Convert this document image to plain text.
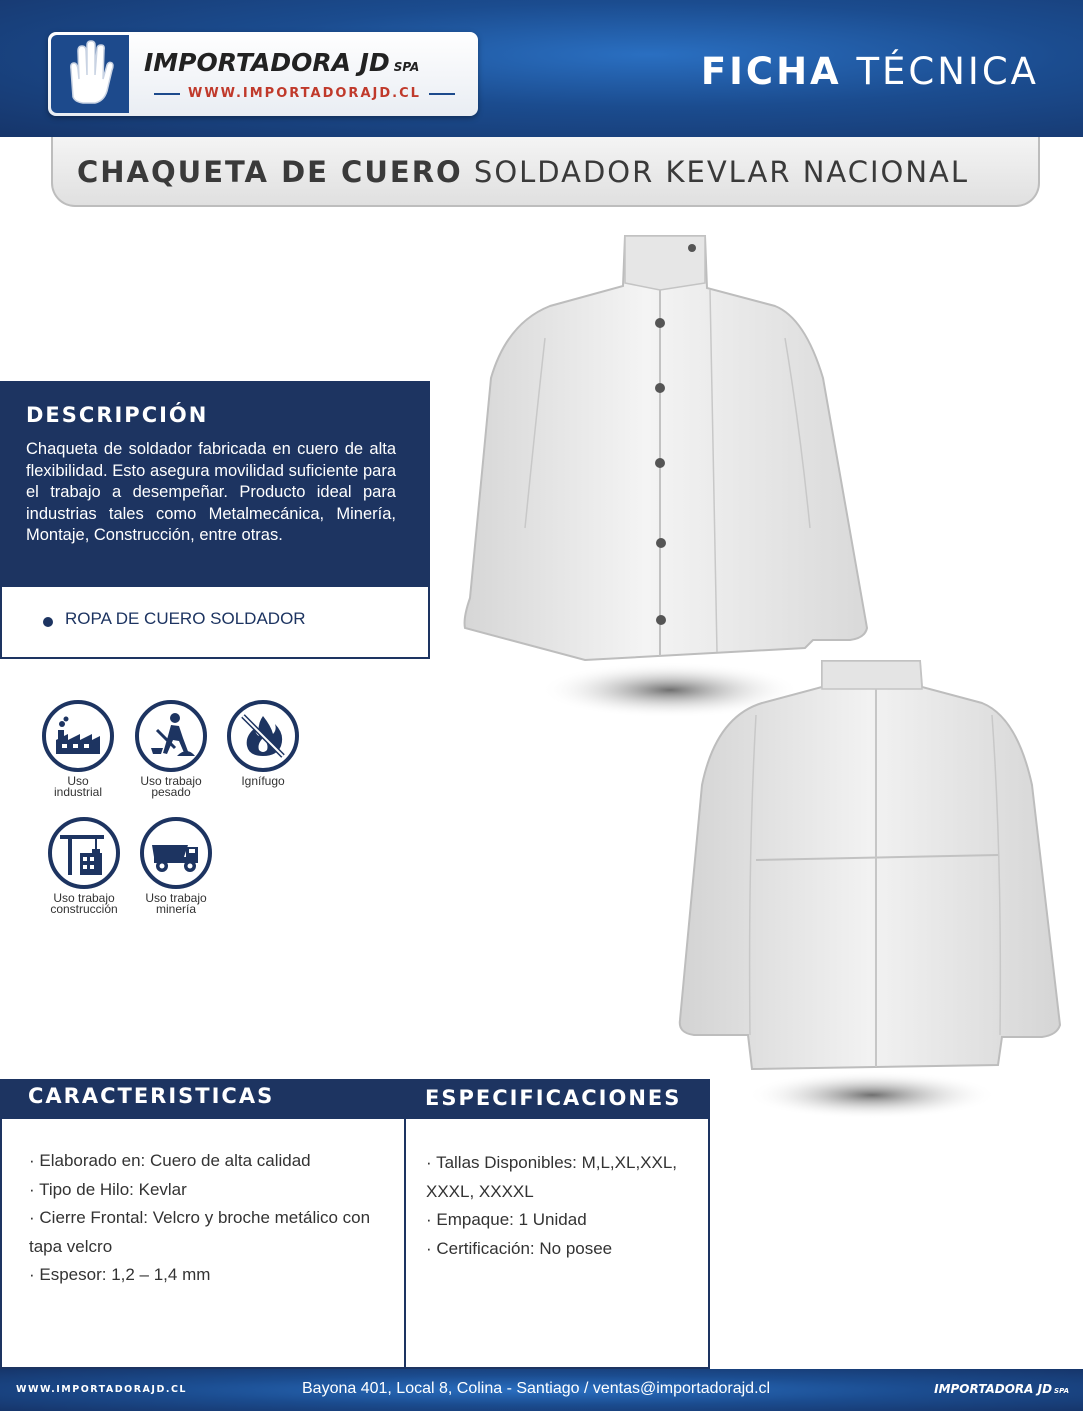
IMPORTADORA JD SPA
WWW.IMPORTADORAJD.CL
FICHA TÉCNICA
CHAQUETA DE CUERO SOLDADOR KEVLAR NACIONAL
DESCRIPCIÓN
Chaqueta de soldador fabricada en cuero de alta flexibilidad. Esto asegura movilidad suficiente para el trabajo a desempeñar. Producto ideal para industrias tales como Metalmecánica, Minería, Montaje, Construcción, entre otras.
ROPA DE CUERO SOLDADOR
Uso
industrial
Uso trabajo
pesado
Ignífugo
Uso trabajo
construcción
Uso trabajo
minería
CARACTERISTICAS
· Elaborado en: Cuero de alta calidad
· Tipo de Hilo: Kevlar
· Cierre Frontal: Velcro y broche metálico con tapa velcro
· Espesor: 1,2 – 1,4 mm
ESPECIFICACIONES
· Tallas Disponibles: M,L,XL,XXL, XXXL, XXXXL
· Empaque: 1 Unidad
· Certificación: No posee
WWW.IMPORTADORAJD.CL	Bayona 401, Local 8, Colina - Santiago / ventas@importadorajd.cl	IMPORTADORA JD SPA
